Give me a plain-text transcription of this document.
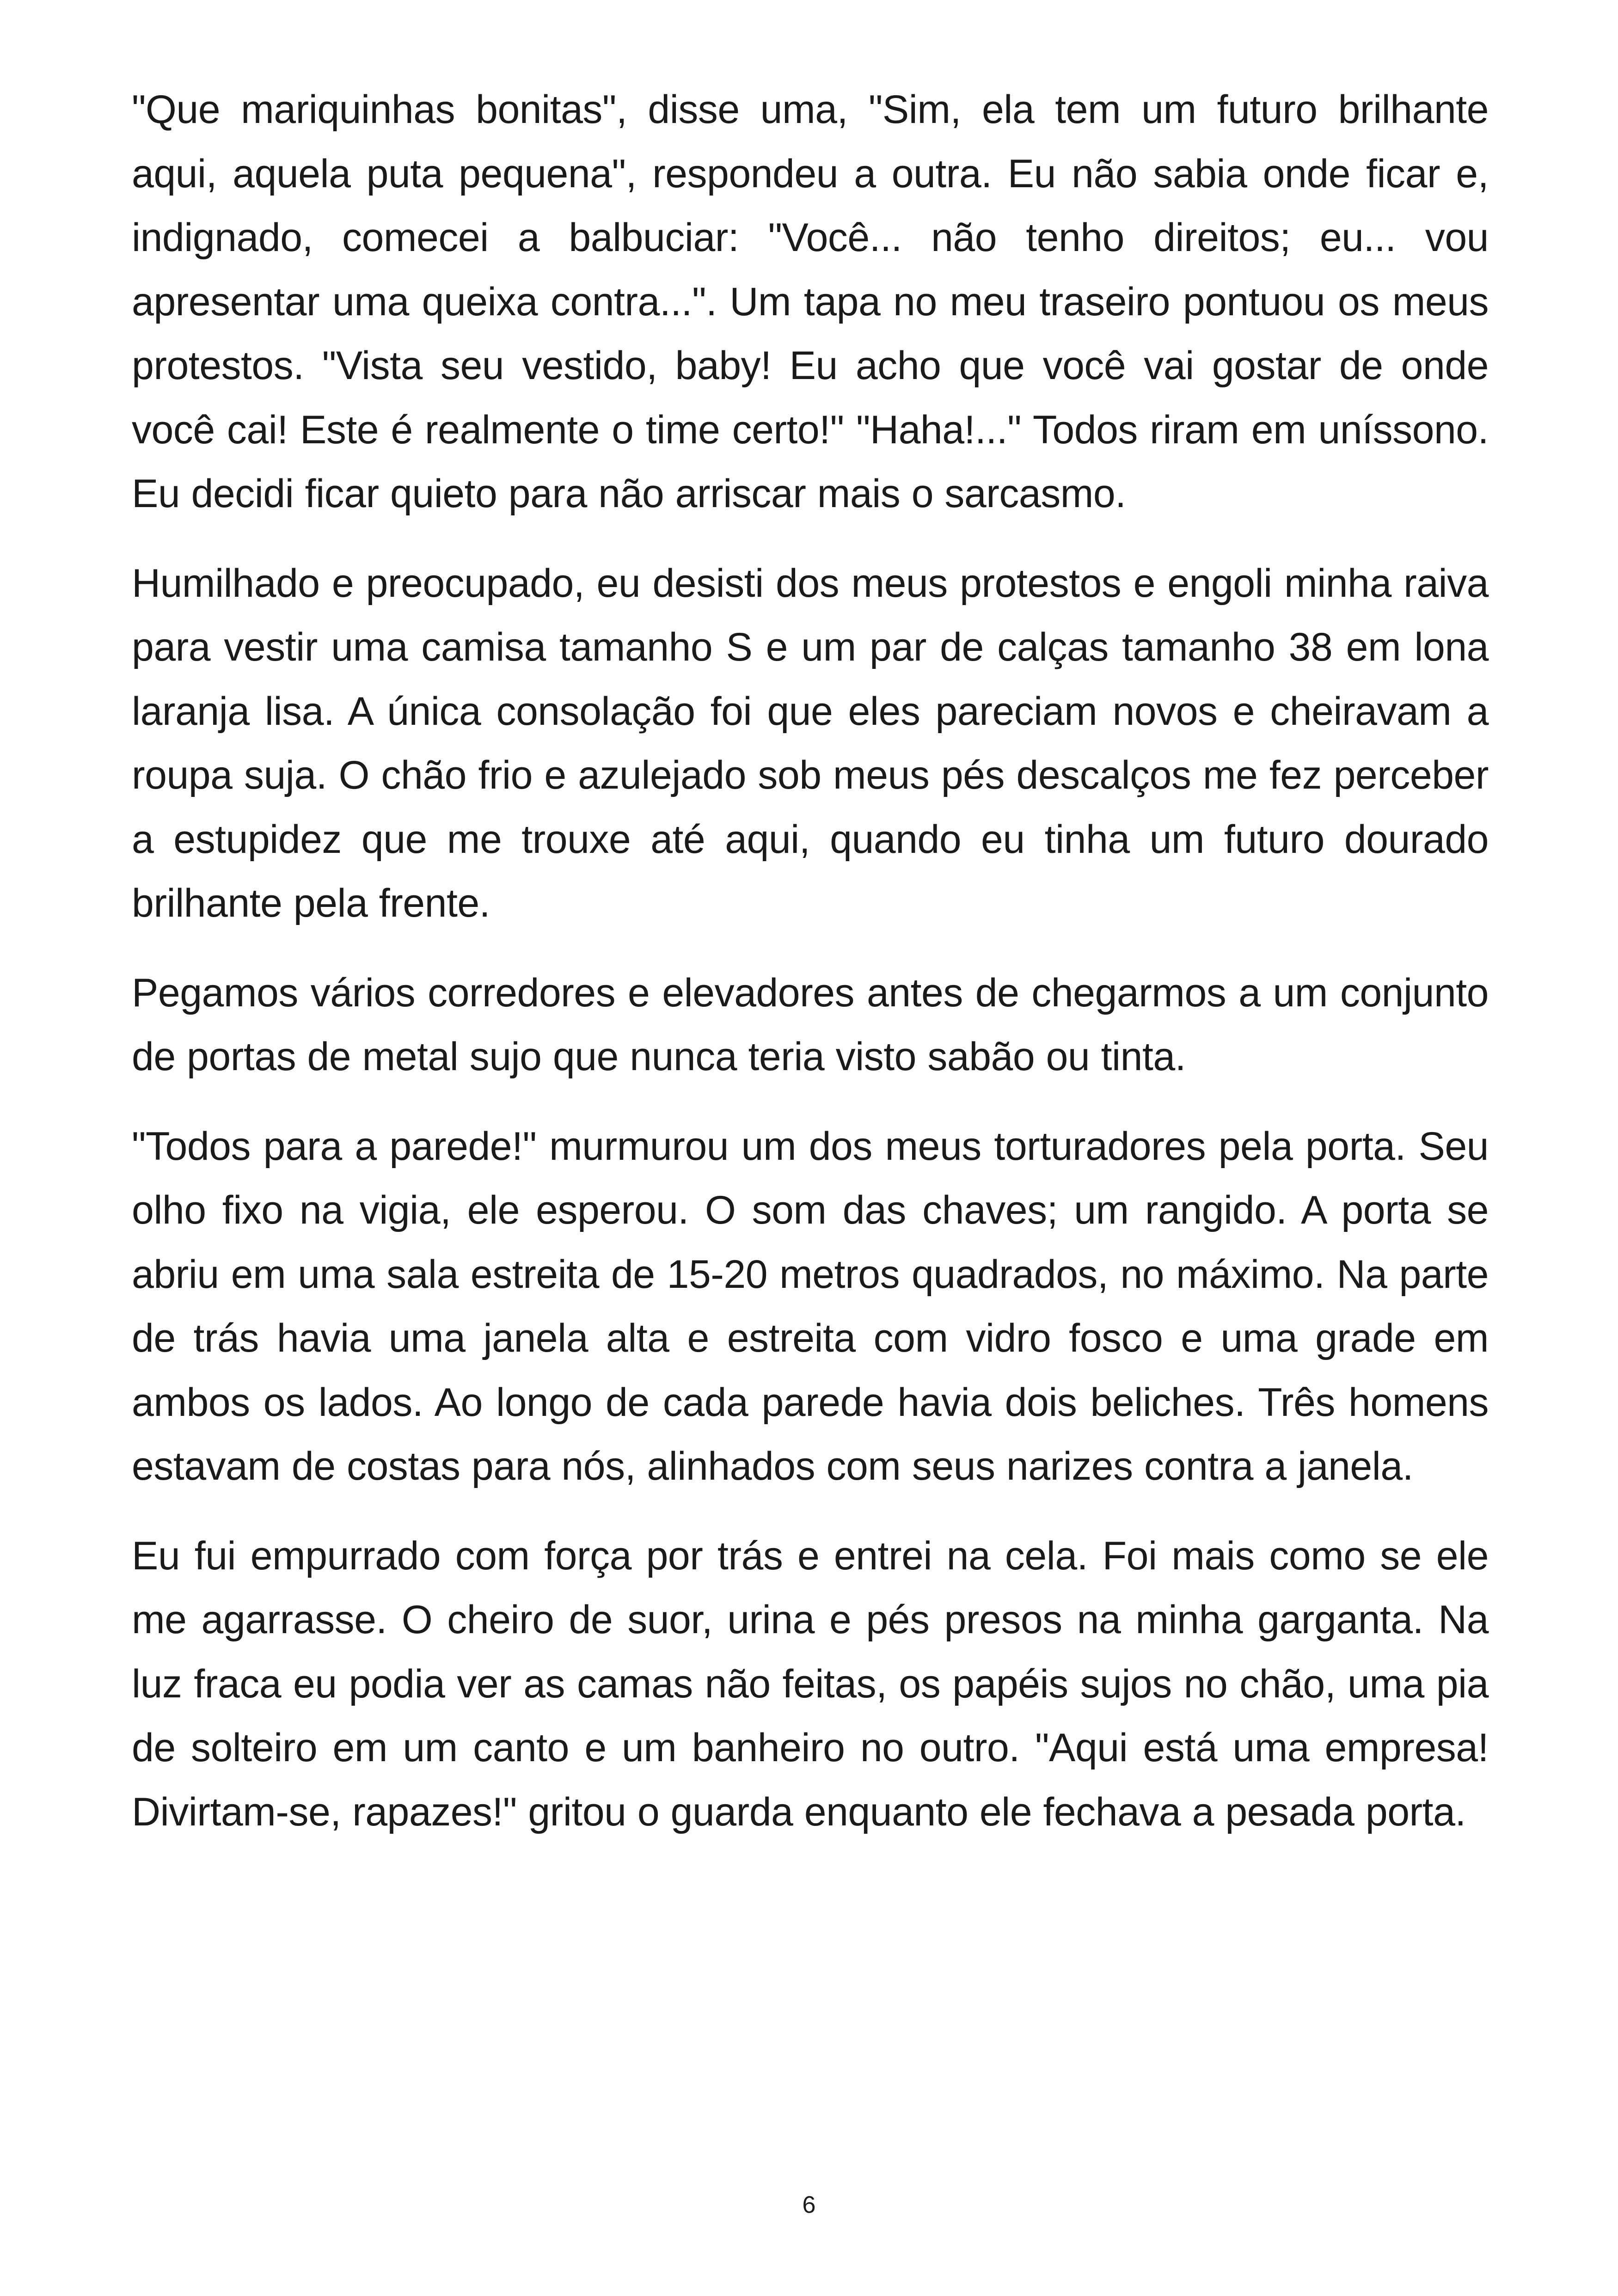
"Que mariquinhas bonitas", disse uma, "Sim, ela tem um futuro brilhante aqui, aquela puta pequena", respondeu a outra. Eu não sabia onde ficar e, indignado, comecei a balbuciar: "Você... não tenho direitos; eu... vou apresentar uma queixa contra...". Um tapa no meu traseiro pontuou os meus protestos. "Vista seu vestido, baby! Eu acho que você vai gostar de onde você cai! Este é realmente o time certo!" "Haha!..." Todos riram em uníssono. Eu decidi ficar quieto para não arriscar mais o sarcasmo.

Humilhado e preocupado, eu desisti dos meus protestos e engoli minha raiva para vestir uma camisa tamanho S e um par de calças tamanho 38 em lona laranja lisa. A única consolação foi que eles pareciam novos e cheiravam a roupa suja. O chão frio e azulejado sob meus pés descalços me fez perceber a estupidez que me trouxe até aqui, quando eu tinha um futuro dourado brilhante pela frente.

Pegamos vários corredores e elevadores antes de chegarmos a um conjunto de portas de metal sujo que nunca teria visto sabão ou tinta.

"Todos para a parede!" murmurou um dos meus torturadores pela porta. Seu olho fixo na vigia, ele esperou. O som das chaves; um rangido. A porta se abriu em uma sala estreita de 15-20 metros quadrados, no máximo. Na parte de trás havia uma janela alta e estreita com vidro fosco e uma grade em ambos os lados. Ao longo de cada parede havia dois beliches. Três homens estavam de costas para nós, alinhados com seus narizes contra a janela.

Eu fui empurrado com força por trás e entrei na cela. Foi mais como se ele me agarrasse. O cheiro de suor, urina e pés presos na minha garganta. Na luz fraca eu podia ver as camas não feitas, os papéis sujos no chão, uma pia de solteiro em um canto e um banheiro no outro. "Aqui está uma empresa! Divirtam-se, rapazes!" gritou o guarda enquanto ele fechava a pesada porta.

6
